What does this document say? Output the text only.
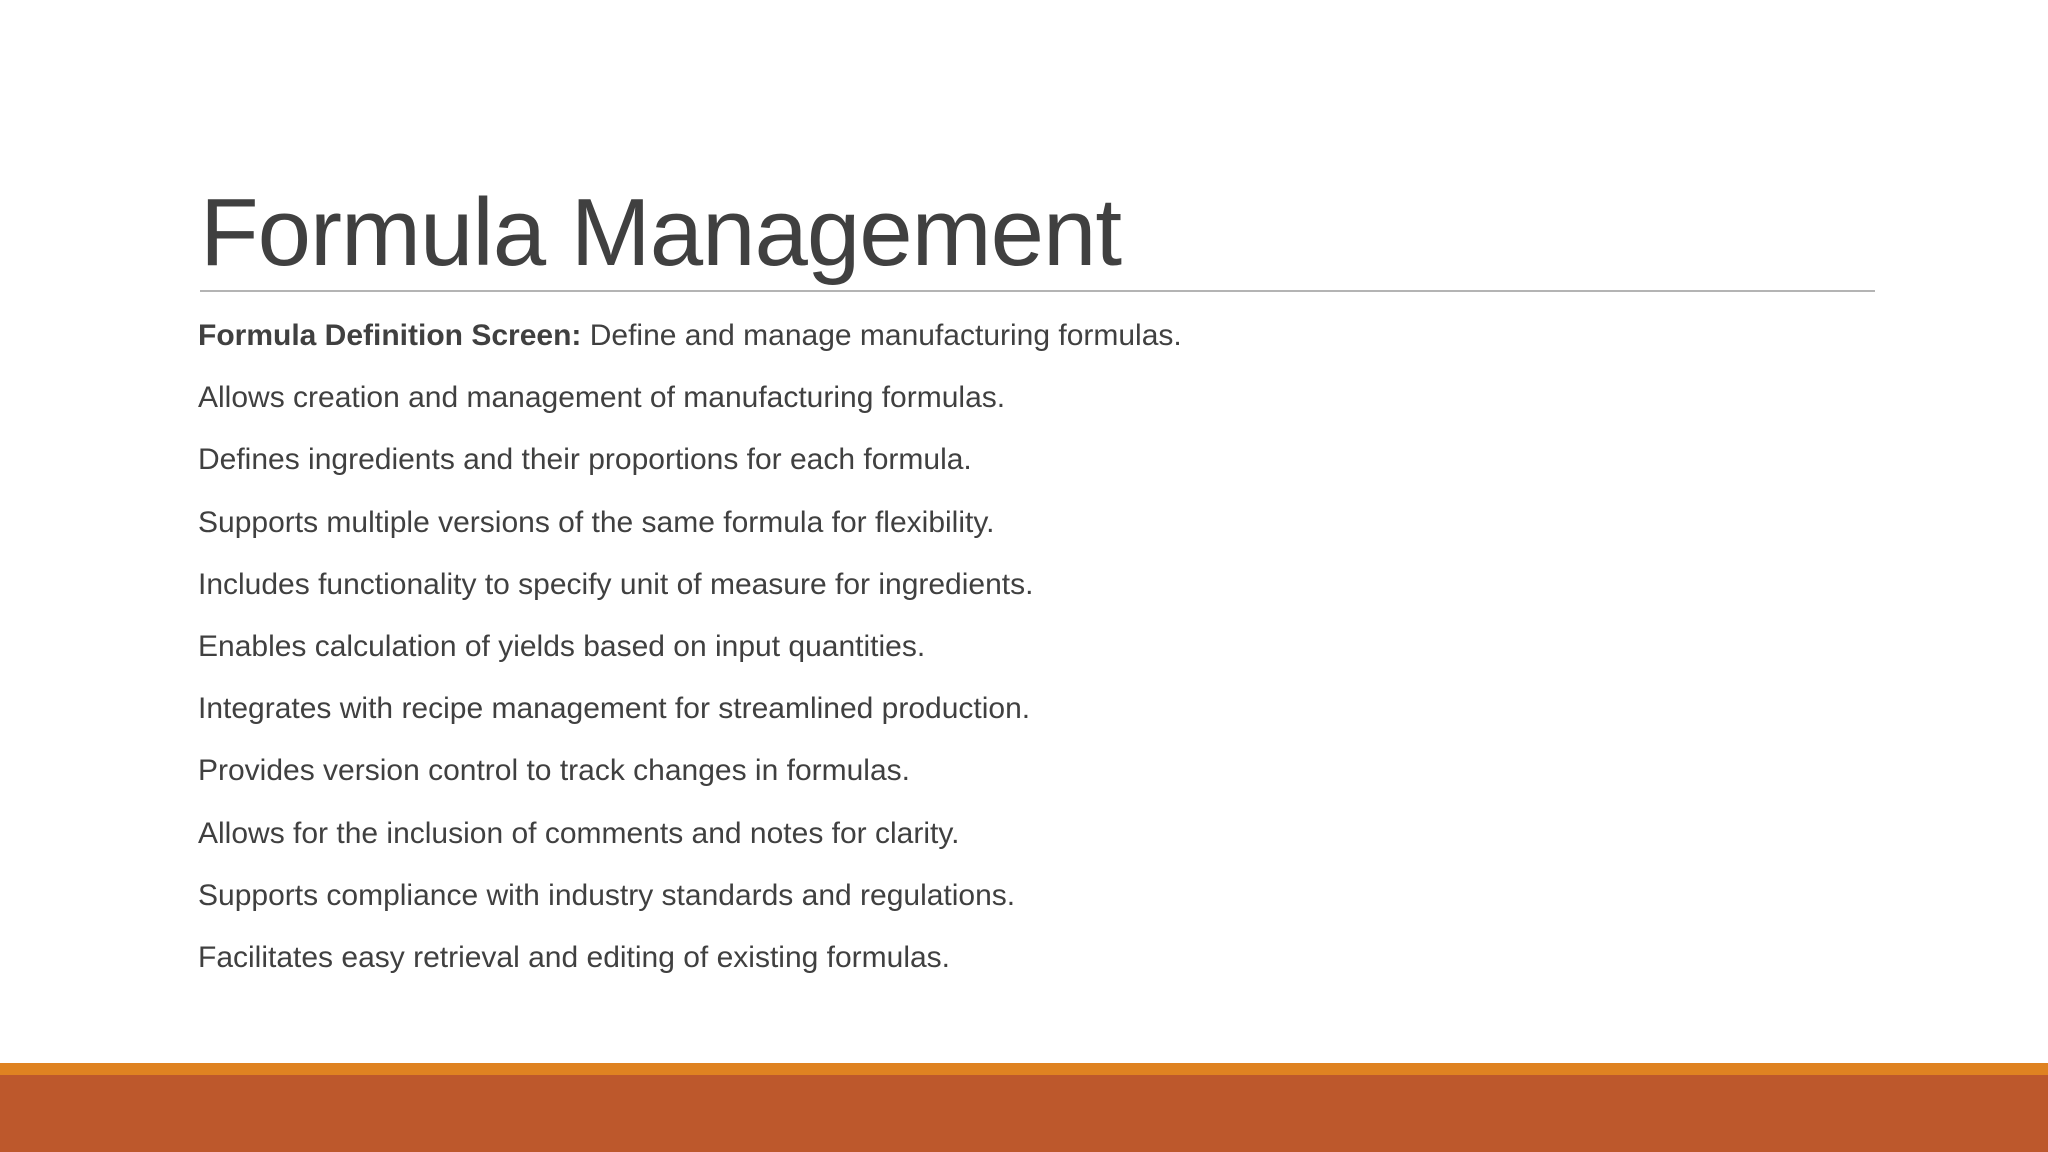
Formula Management
Formula Definition Screen: Define and manage manufacturing formulas.
Allows creation and management of manufacturing formulas.
Defines ingredients and their proportions for each formula.
Supports multiple versions of the same formula for flexibility.
Includes functionality to specify unit of measure for ingredients.
Enables calculation of yields based on input quantities.
Integrates with recipe management for streamlined production.
Provides version control to track changes in formulas.
Allows for the inclusion of comments and notes for clarity.
Supports compliance with industry standards and regulations.
Facilitates easy retrieval and editing of existing formulas.
